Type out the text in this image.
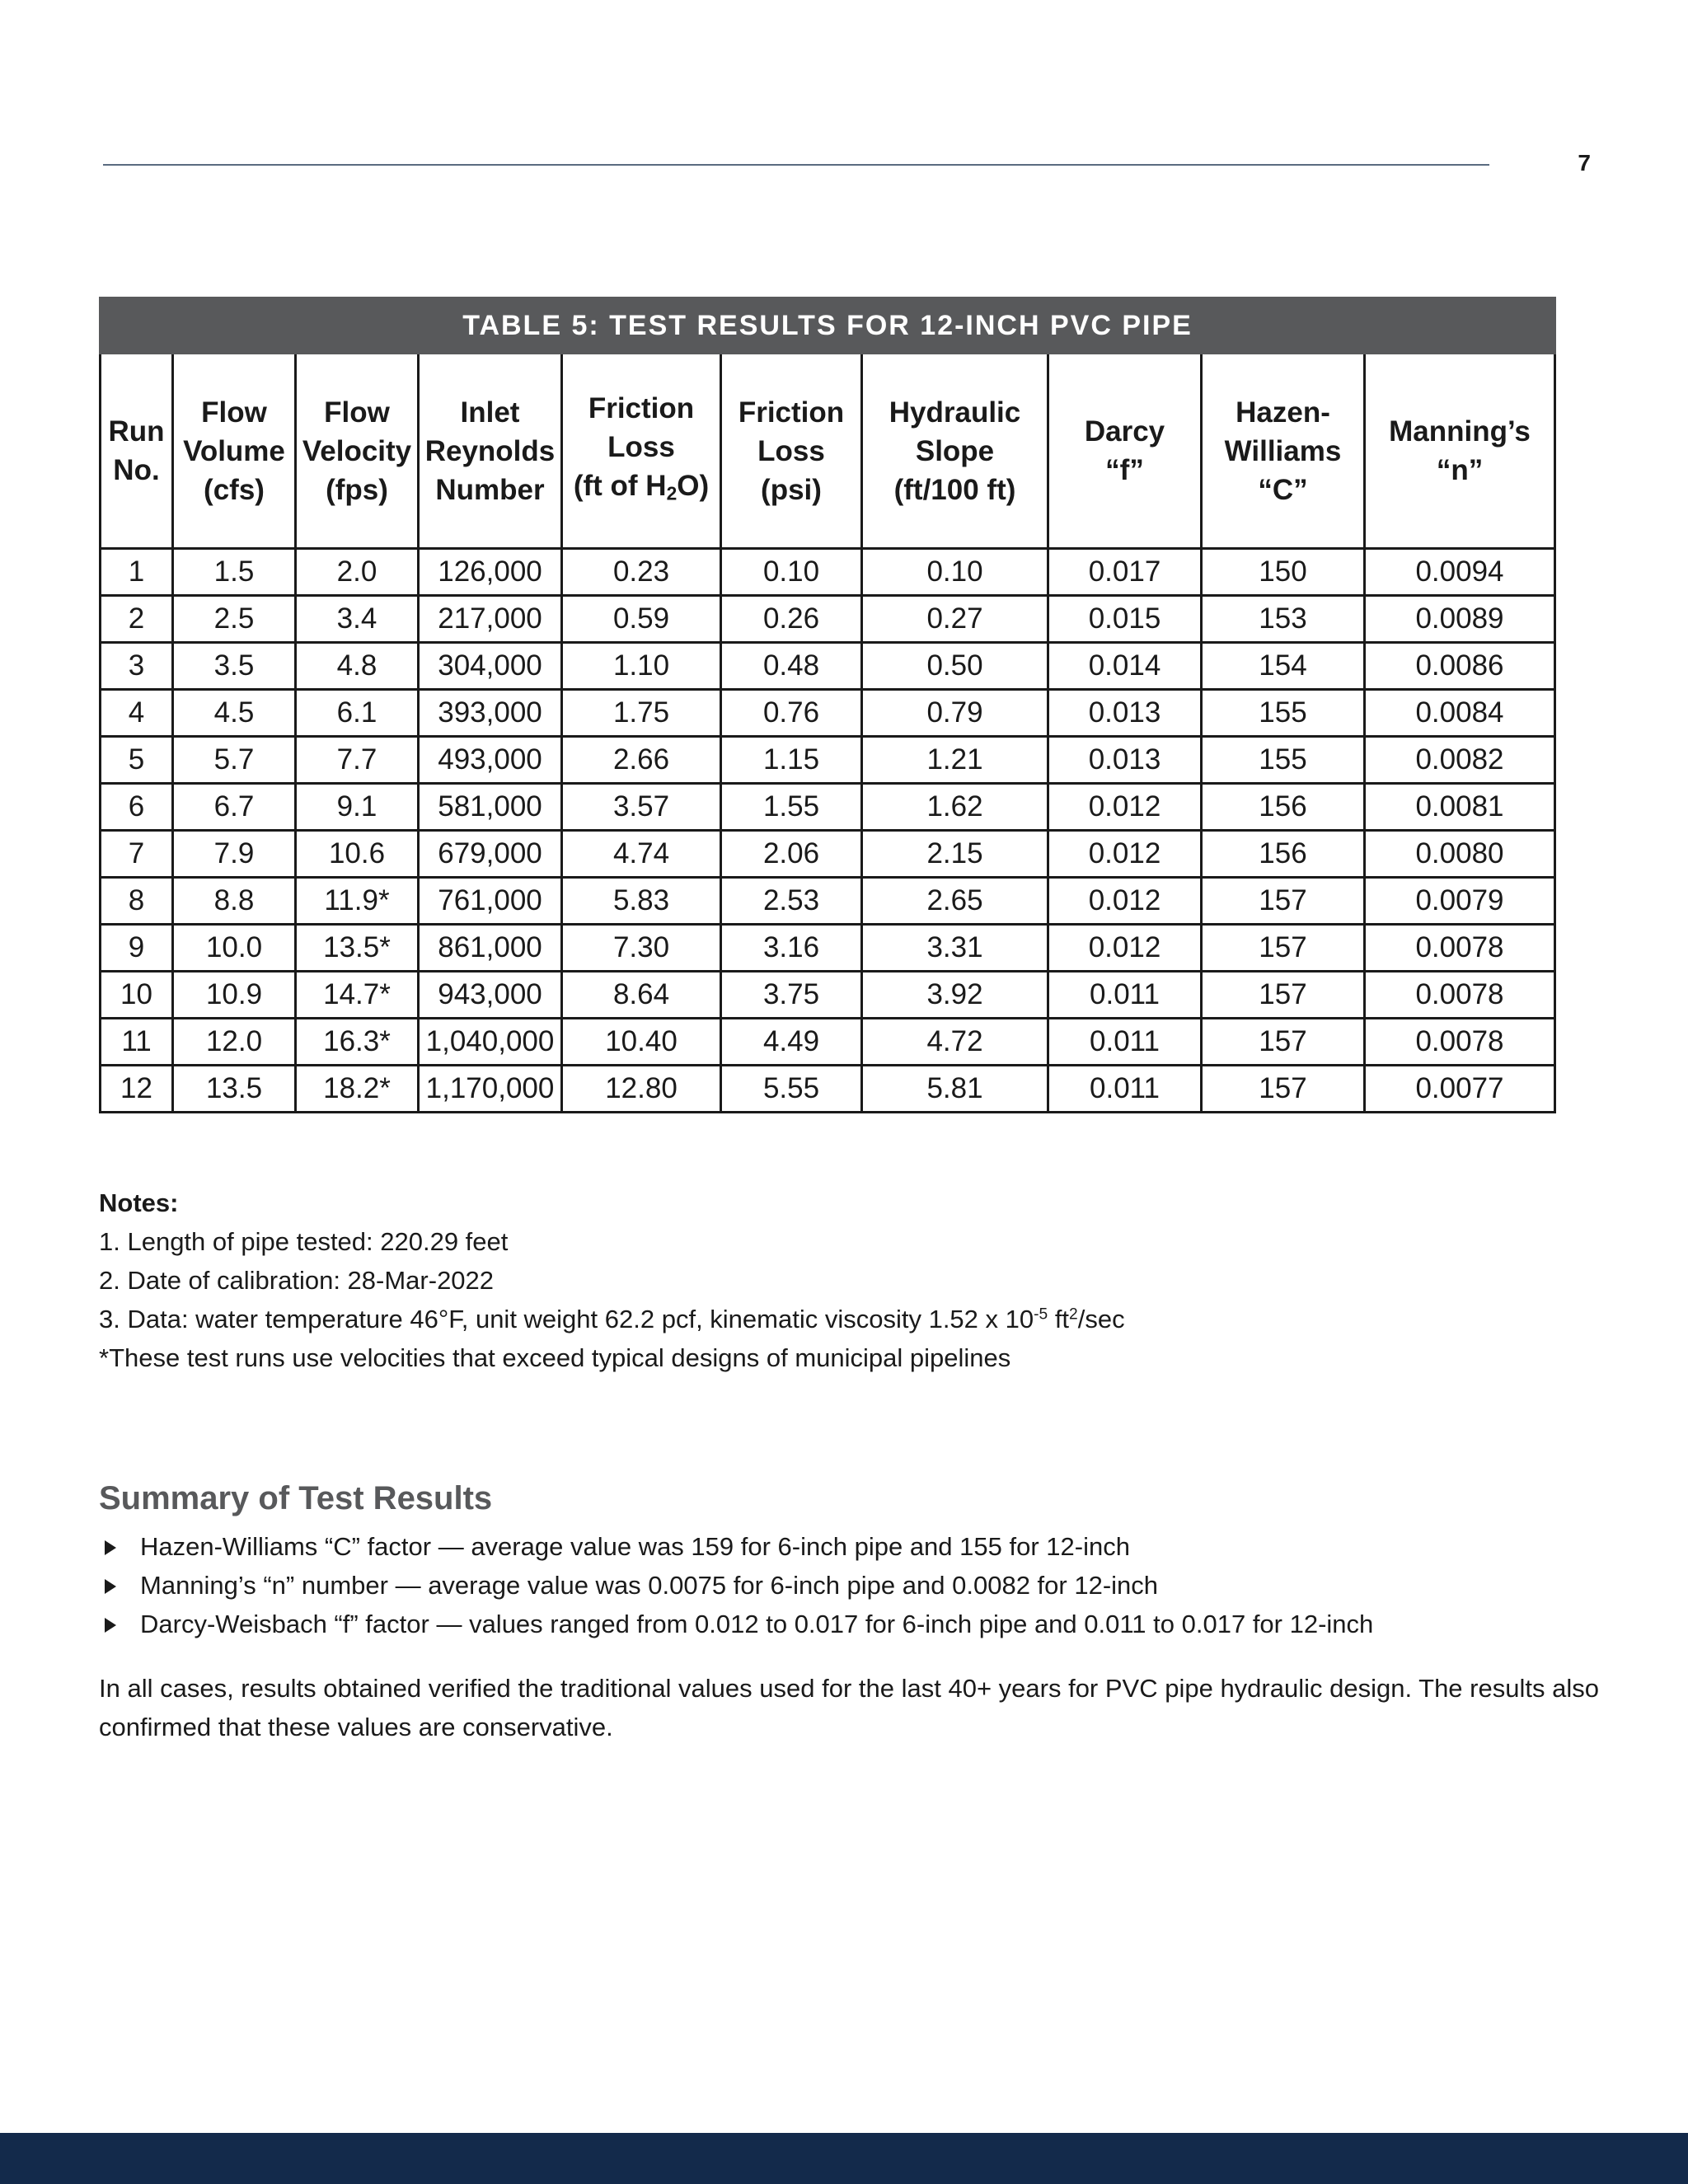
7
TABLE 5: TEST RESULTS FOR 12-INCH PVC PIPE									

Run
No.	Flow
Volume
(cfs)	Flow
Velocity
(fps)	Inlet
Reynolds
Number	Friction
Loss
(ft of $H_2O$)	Friction
Loss
(psi)	Hydraulic
Slope
(ft/100 ft)	Darcy
“f”	Hazen-
Williams
“C”	Manning’s
“n”

1	1.5	2.0	126,000	0.23	0.10	0.10	0.017	150	0.0094
2	2.5	3.4	217,000	0.59	0.26	0.27	0.015	153	0.0089
3	3.5	4.8	304,000	1.10	0.48	0.50	0.014	154	0.0086
4	4.5	6.1	393,000	1.75	0.76	0.79	0.013	155	0.0084
5	5.7	7.7	493,000	2.66	1.15	1.21	0.013	155	0.0082
6	6.7	9.1	581,000	3.57	1.55	1.62	0.012	156	0.0081
7	7.9	10.6	679,000	4.74	2.06	2.15	0.012	156	0.0080
8	8.8	11.9*	761,000	5.83	2.53	2.65	0.012	157	0.0079
9	10.0	13.5*	861,000	7.30	3.16	3.31	0.012	157	0.0078
10	10.9	14.7*	943,000	8.64	3.75	3.92	0.011	157	0.0078
11	12.0	16.3*	1,040,000	10.40	4.49	4.72	0.011	157	0.0078
12	13.5	18.2*	1,170,000	12.80	5.55	5.81	0.011	157	0.0077
Notes:
1. Length of pipe tested: 220.29 feet
2. Date of calibration: 28-Mar-2022
3. Data: water temperature 46°F, unit weight 62.2 pcf, kinematic viscosity 1.52 x $10^{-5}$ $ft^2/\sec$
*These test runs use velocities that exceed typical designs of municipal pipelines
Summary of Test Results
Hazen-Williams “C” factor — average value was 159 for 6-inch pipe and 155 for 12-inch
Manning’s “n” number — average value was 0.0075 for 6-inch pipe and 0.0082 for 12-inch
Darcy-Weisbach “f” factor — values ranged from 0.012 to 0.017 for 6-inch pipe and 0.011 to 0.017 for 12-inch

In all cases, results obtained verified the traditional values used for the last 40+ years for PVC pipe hydraulic design. The results also confirmed that these values are conservative.
